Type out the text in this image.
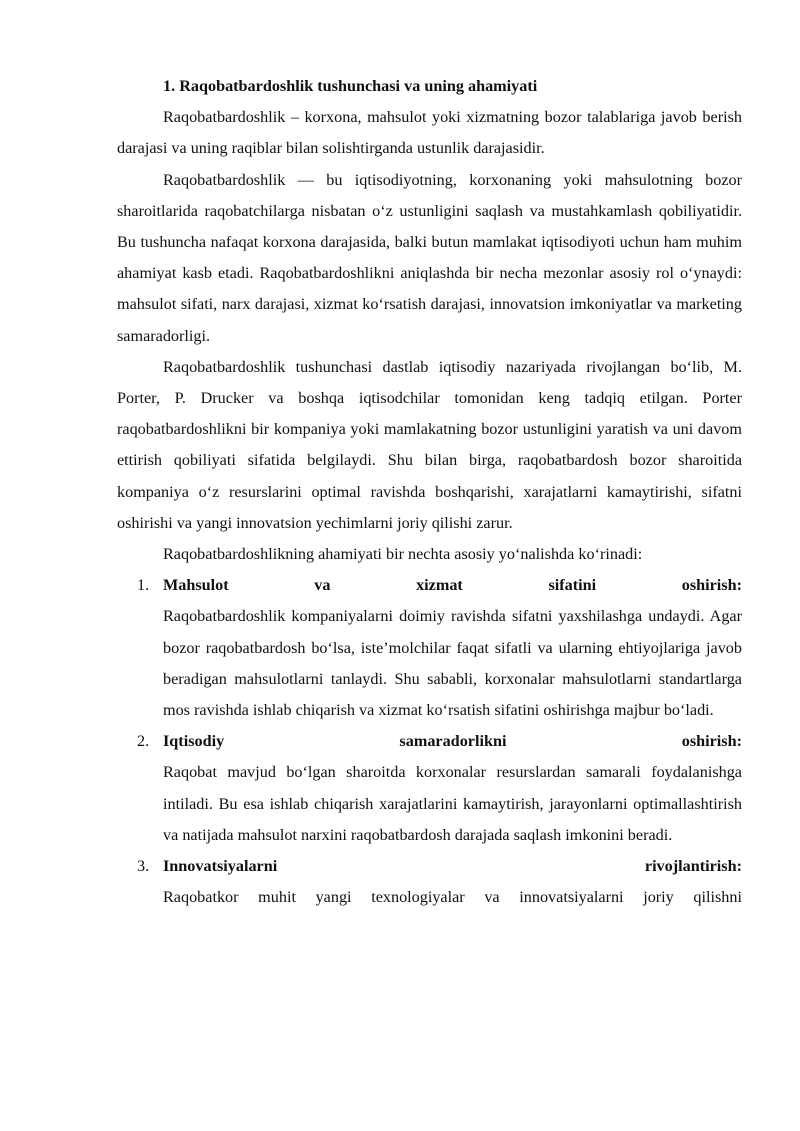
1. Raqobatbardoshlik tushunchasi va uning ahamiyati

Raqobatbardoshlik – korxona, mahsulot yoki xizmatning bozor talablariga javob berish darajasi va uning raqiblar bilan solishtirganda ustunlik darajasidir.

Raqobatbardoshlik — bu iqtisodiyotning, korxonaning yoki mahsulotning bozor sharoitlarida raqobatchilarga nisbatan o‘z ustunligini saqlash va mustahkamlash qobiliyatidir. Bu tushuncha nafaqat korxona darajasida, balki butun mamlakat iqtisodiyoti uchun ham muhim ahamiyat kasb etadi. Raqobatbardoshlikni aniqlashda bir necha mezonlar asosiy rol o‘ynaydi: mahsulot sifati, narx darajasi, xizmat ko‘rsatish darajasi, innovatsion imkoniyatlar va marketing samaradorligi.

Raqobatbardoshlik tushunchasi dastlab iqtisodiy nazariyada rivojlangan bo‘lib, M. Porter, P. Drucker va boshqa iqtisodchilar tomonidan keng tadqiq etilgan. Porter raqobatbardoshlikni bir kompaniya yoki mamlakatning bozor ustunligini yaratish va uni davom ettirish qobiliyati sifatida belgilaydi. Shu bilan birga, raqobatbardosh bozor sharoitida kompaniya o‘z resurslarini optimal ravishda boshqarishi, xarajatlarni kamaytirishi, sifatni oshirishi va yangi innovatsion yechimlarni joriy qilishi zarur.

Raqobatbardoshlikning ahamiyati bir nechta asosiy yo‘nalishda ko‘rinadi:

1. Mahsulot va xizmat sifatini oshirish:
Raqobatbardoshlik kompaniyalarni doimiy ravishda sifatni yaxshilashga undaydi. Agar bozor raqobatbardosh bo‘lsa, iste’molchilar faqat sifatli va ularning ehtiyojlariga javob beradigan mahsulotlarni tanlaydi. Shu sababli, korxonalar mahsulotlarni standartlarga mos ravishda ishlab chiqarish va xizmat ko‘rsatish sifatini oshirishga majbur bo‘ladi.
2. Iqtisodiy samaradorlikni oshirish:
Raqobat mavjud bo‘lgan sharoitda korxonalar resurslardan samarali foydalanishga intiladi. Bu esa ishlab chiqarish xarajatlarini kamaytirish, jarayonlarni optimallashtirish va natijada mahsulot narxini raqobatbardosh darajada saqlash imkonini beradi.
3. Innovatsiyalarni rivojlantirish:
Raqobatkor muhit yangi texnologiyalar va innovatsiyalarni joriy qilishni
